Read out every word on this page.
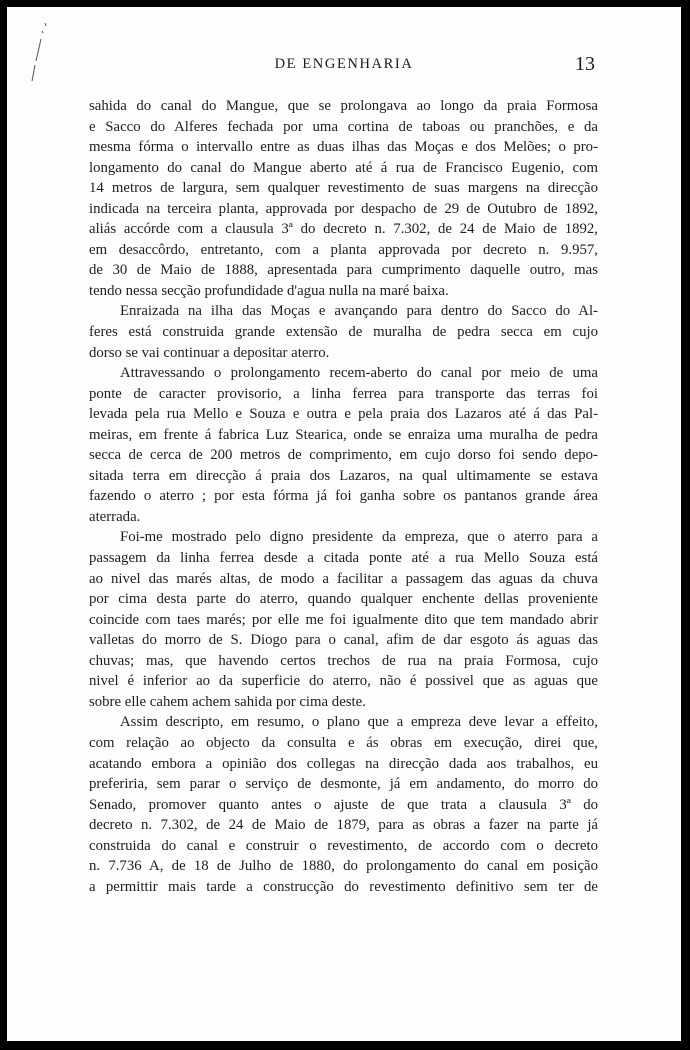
DE ENGENHARIA	13

sahida do canal do Mangue, que se prolongava ao longo da praia Formosa
e Sacco do Alferes fechada por uma cortina de taboas ou pranchões, e da
mesma fórma o intervallo entre as duas ilhas das Moças e dos Melões; o pro-
longamento do canal do Mangue aberto até á rua de Francisco Eugenio, com
14 metros de largura, sem qualquer revestimento de suas margens na direcção
indicada na terceira planta, approvada por despacho de 29 de Outubro de 1892,
aliás accórde com a clausula 3ª do decreto n. 7.302, de 24 de Maio de 1892,
em desaccôrdo, entretanto, com a planta approvada por decreto n. 9.957,
de 30 de Maio de 1888, apresentada para cumprimento daquelle outro, mas
tendo nessa secção profundidade d'agua nulla na maré baixa.

Enraizada na ilha das Moças e avançando para dentro do Sacco do Al-
feres está construida grande extensão de muralha de pedra secca em cujo
dorso se vai continuar a depositar aterro.

Attravessando o prolongamento recem-aberto do canal por meio de uma
ponte de caracter provisorio, a linha ferrea para transporte das terras foi
levada pela rua Mello e Souza e outra e pela praia dos Lazaros até á das Pal-
meiras, em frente á fabrica Luz Stearica, onde se enraiza uma muralha de pedra
secca de cerca de 200 metros de comprimento, em cujo dorso foi sendo depo-
sitada terra em direcção á praia dos Lazaros, na qual ultimamente se estava
fazendo o aterro ; por esta fórma já foi ganha sobre os pantanos grande área
aterrada.

Foi-me mostrado pelo digno presidente da empreza, que o aterro para a
passagem da linha ferrea desde a citada ponte até a rua Mello Souza está
ao nivel das marés altas, de modo a facilitar a passagem das aguas da chuva
por cima desta parte do aterro, quando qualquer enchente dellas proveniente
coincide com taes marés; por elle me foi igualmente dito que tem mandado abrir
valletas do morro de S. Diogo para o canal, afim de dar esgoto ás aguas das
chuvas; mas, que havendo certos trechos de rua na praia Formosa, cujo
nivel é inferior ao da superficie do aterro, não é possivel que as aguas que
sobre elle cahem achem sahida por cima deste.

Assim descripto, em resumo, o plano que a empreza deve levar a effeito,
com relação ao objecto da consulta e ás obras em execução, direi que,
acatando embora a opinião dos collegas na direcção dada aos trabalhos, eu
preferiria, sem parar o serviço de desmonte, já em andamento, do morro do
Senado, promover quanto antes o ajuste de que trata a clausula 3ª do
decreto n. 7.302, de 24 de Maio de 1879, para as obras a fazer na parte já
construida do canal e construir o revestimento, de accordo com o decreto
n. 7.736 A, de 18 de Julho de 1880, do prolongamento do canal em posição
a permittir mais tarde a construcção do revestimento definitivo sem ter de
